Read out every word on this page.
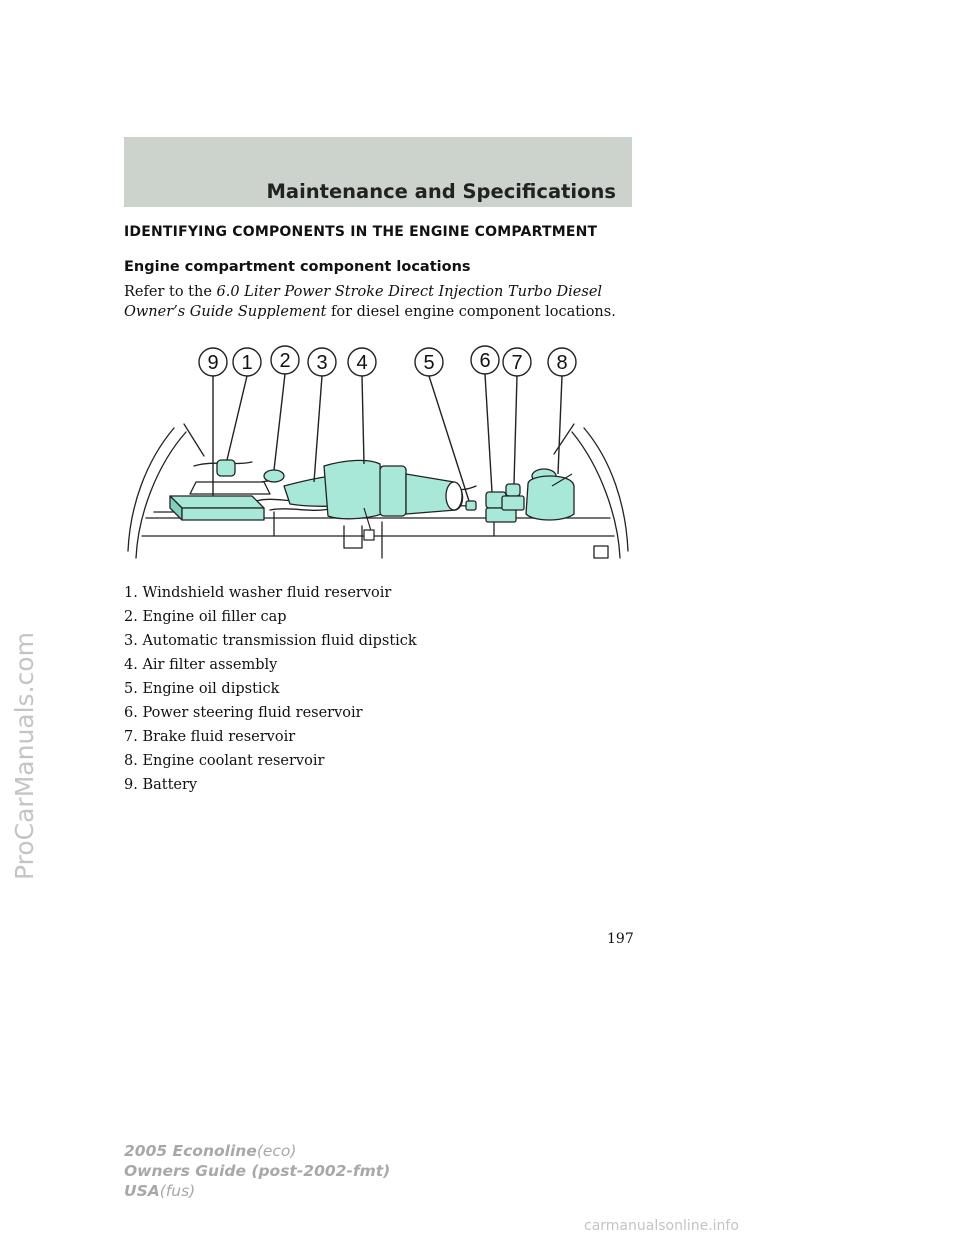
Maintenance and Specifications
IDENTIFYING COMPONENTS IN THE ENGINE COMPARTMENT
Engine compartment component locations
Refer to the 6.0 Liter Power Stroke Direct Injection Turbo Diesel Owner’s Guide Supplement for diesel engine component locations.
9 1 2 3 4	5 6 7 8
1. Windshield washer fluid reservoir
2. Engine oil filler cap
3. Automatic transmission fluid dipstick
4. Air filter assembly
5. Engine oil dipstick
6. Power steering fluid reservoir
7. Brake fluid reservoir
8. Engine coolant reservoir
9. Battery
197
2005 Econoline(eco)
Owners Guide (post-2002-fmt)
USA(fus)
ProCarManuals.com
carmanualsonline.info
